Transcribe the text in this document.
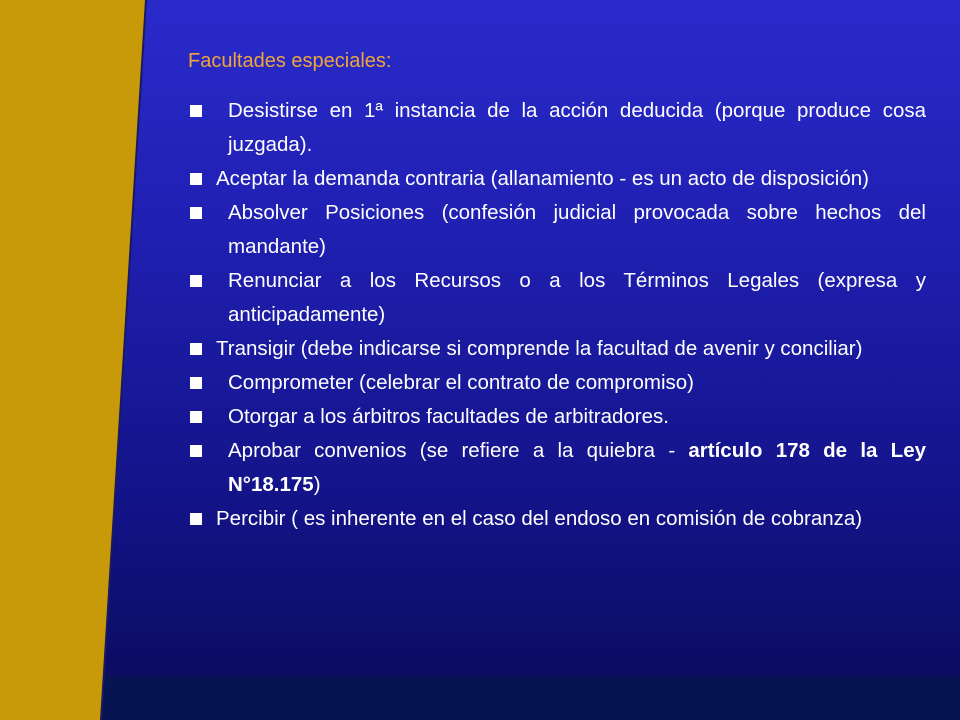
Facultades especiales:
Desistirse en 1ª instancia de la acción deducida (porque produce cosa juzgada).
Aceptar la demanda contraria (allanamiento - es un acto de disposición)
Absolver Posiciones (confesión judicial provocada sobre hechos del mandante)
Renunciar a los Recursos o a los Términos Legales (expresa y anticipadamente)
Transigir (debe indicarse si comprende la facultad de avenir y conciliar)
Comprometer (celebrar el contrato de compromiso)
Otorgar a los árbitros facultades de arbitradores.
Aprobar convenios (se refiere a la quiebra - artículo 178 de la Ley N°18.175)
Percibir ( es inherente en el caso del endoso en comisión de cobranza)
